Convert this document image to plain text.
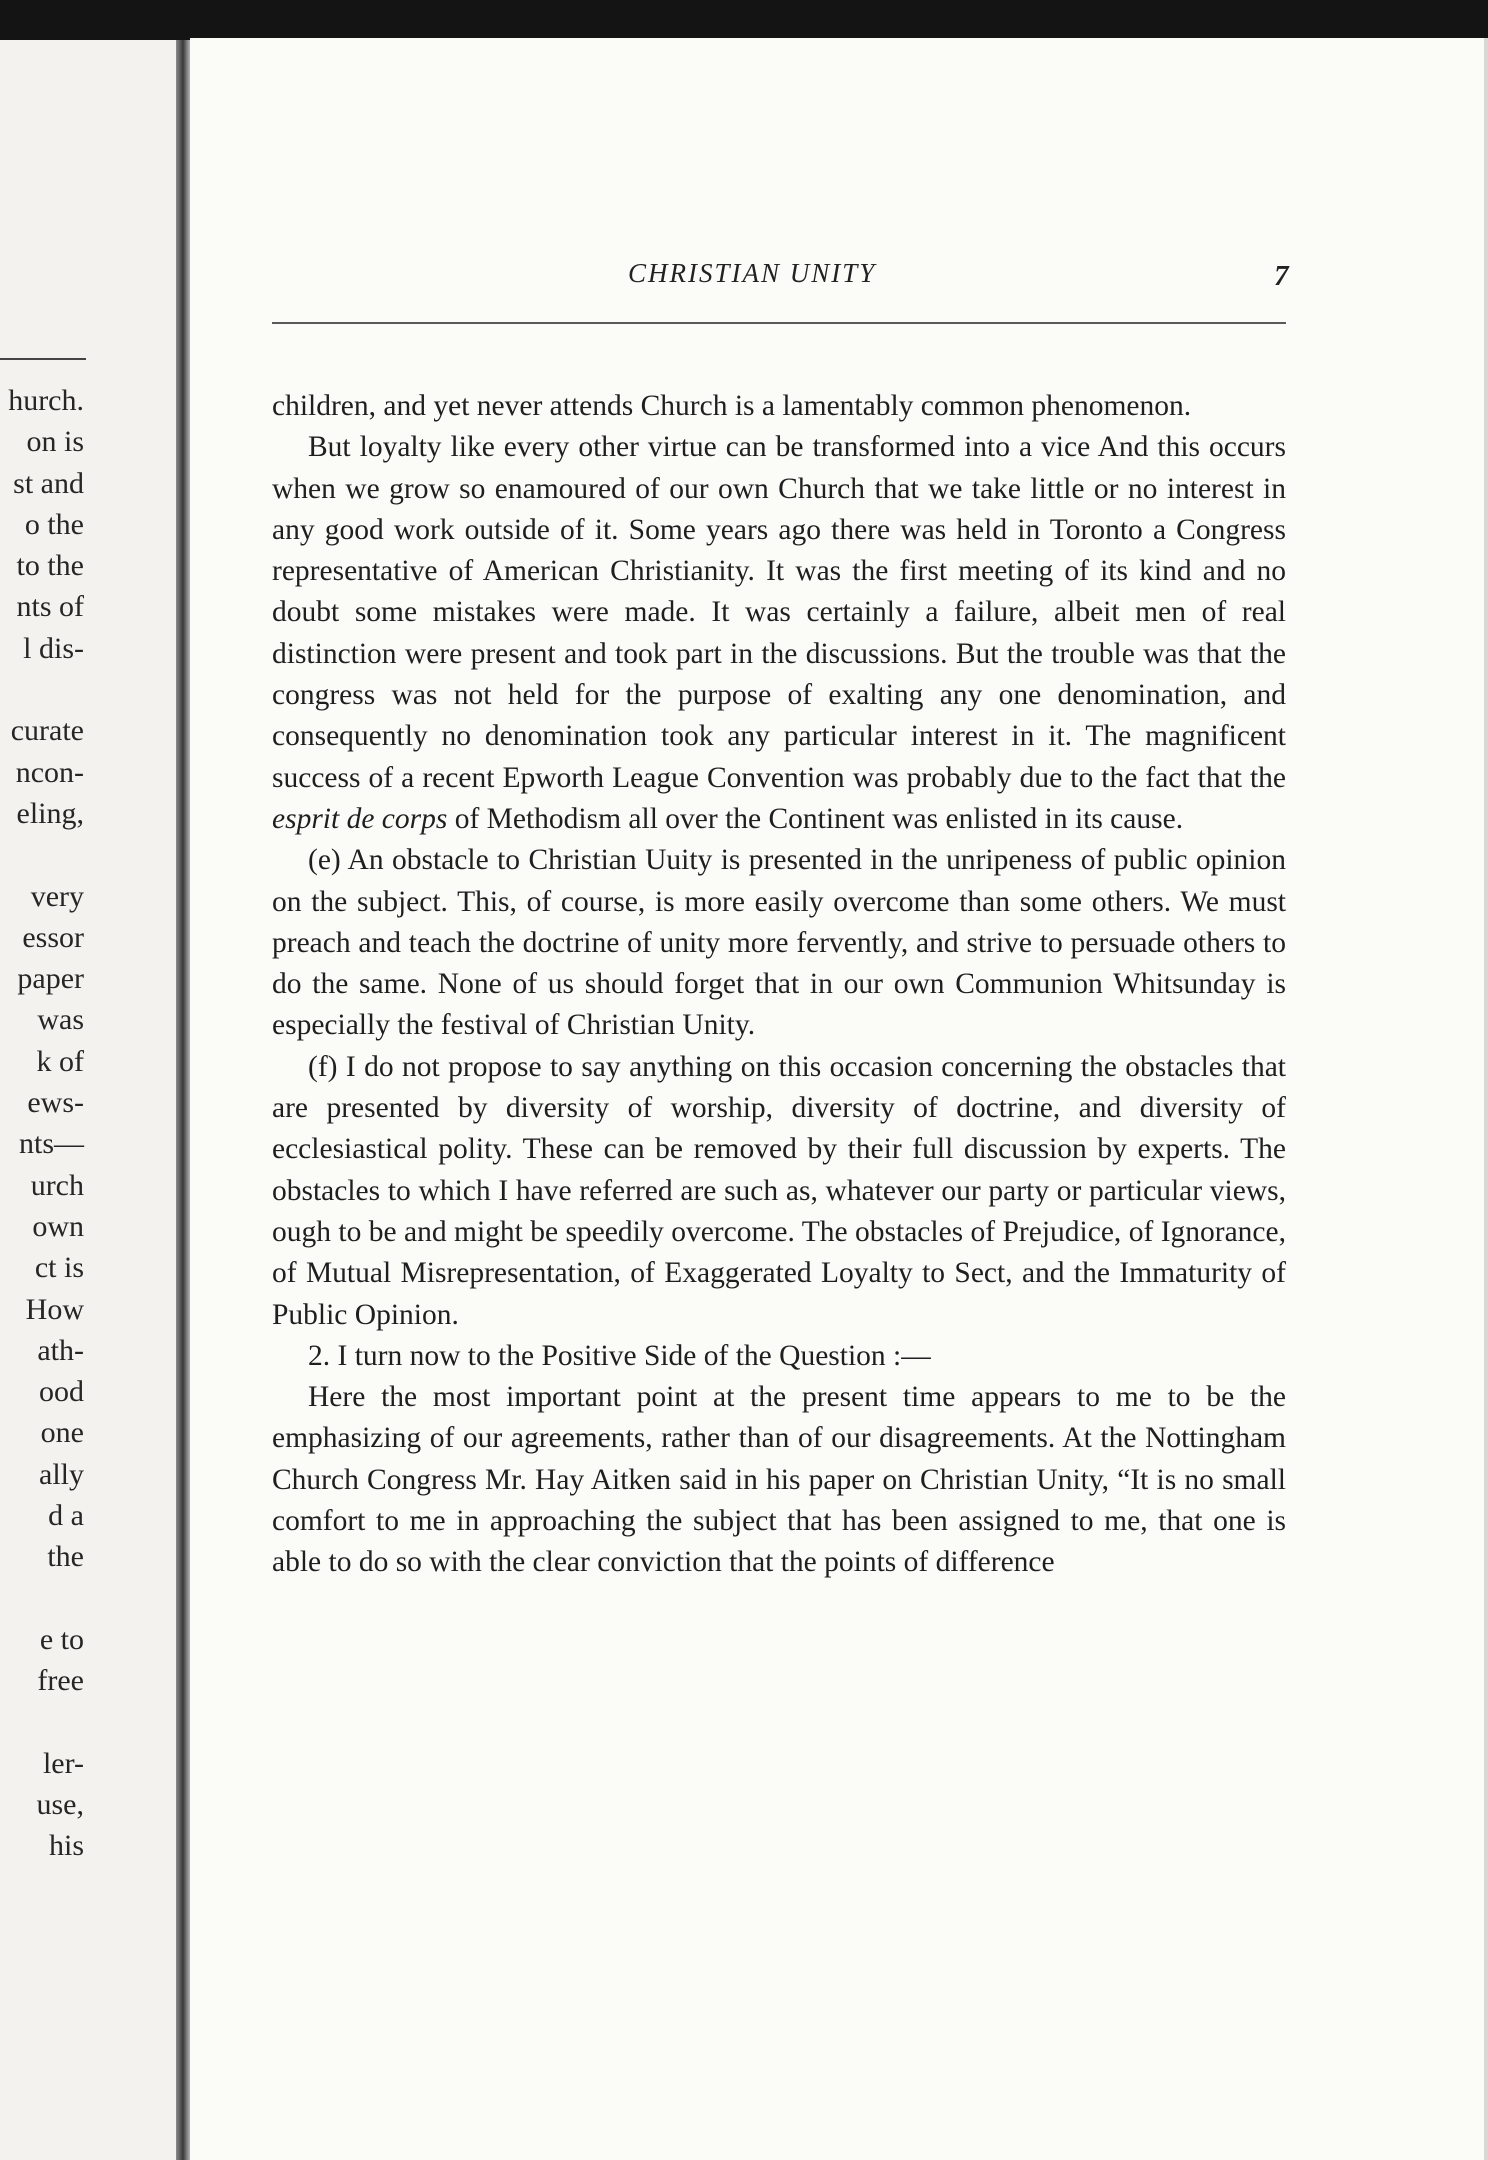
hurch.
on is
st and
o the
to the
nts of
l dis-
curate
ncon-
eling,
very
essor
paper
was
k of
ews-
nts—
urch
own
ct is
How
ath-
ood
one
ally
d a
the
e to
free
ler-
use,
his
CHRISTIAN UNITY	7

children, and yet never attends Church is a lamentably common phenomenon.

But loyalty like every other virtue can be transformed into a vice And this occurs when we grow so enamoured of our own Church that we take little or no interest in any good work outside of it. Some years ago there was held in Toronto a Congress representative of American Christianity. It was the first meeting of its kind and no doubt some mistakes were made. It was certainly a failure, albeit men of real distinction were present and took part in the discussions. But the trouble was that the congress was not held for the purpose of exalting any one denomination, and consequently no denomination took any particular interest in it. The magnificent success of a recent Epworth League Convention was probably due to the fact that the esprit de corps of Methodism all over the Continent was enlisted in its cause.

(e) An obstacle to Christian Uuity is presented in the unripeness of public opinion on the subject. This, of course, is more easily overcome than some others. We must preach and teach the doctrine of unity more fervently, and strive to persuade others to do the same. None of us should forget that in our own Communion Whitsunday is especially the festival of Christian Unity.

(f) I do not propose to say anything on this occasion concerning the obstacles that are presented by diversity of worship, diversity of doctrine, and diversity of ecclesiastical polity. These can be removed by their full discussion by experts. The obstacles to which I have referred are such as, whatever our party or particular views, ough to be and might be speedily overcome. The obstacles of Prejudice, of Ignorance, of Mutual Misrepresentation, of Exaggerated Loyalty to Sect, and the Immaturity of Public Opinion.

2. I turn now to the Positive Side of the Question :—

Here the most important point at the present time appears to me to be the emphasizing of our agreements, rather than of our disagreements. At the Nottingham Church Congress Mr. Hay Aitken said in his paper on Christian Unity, “It is no small comfort to me in approaching the subject that has been assigned to me, that one is able to do so with the clear conviction that the points of difference
